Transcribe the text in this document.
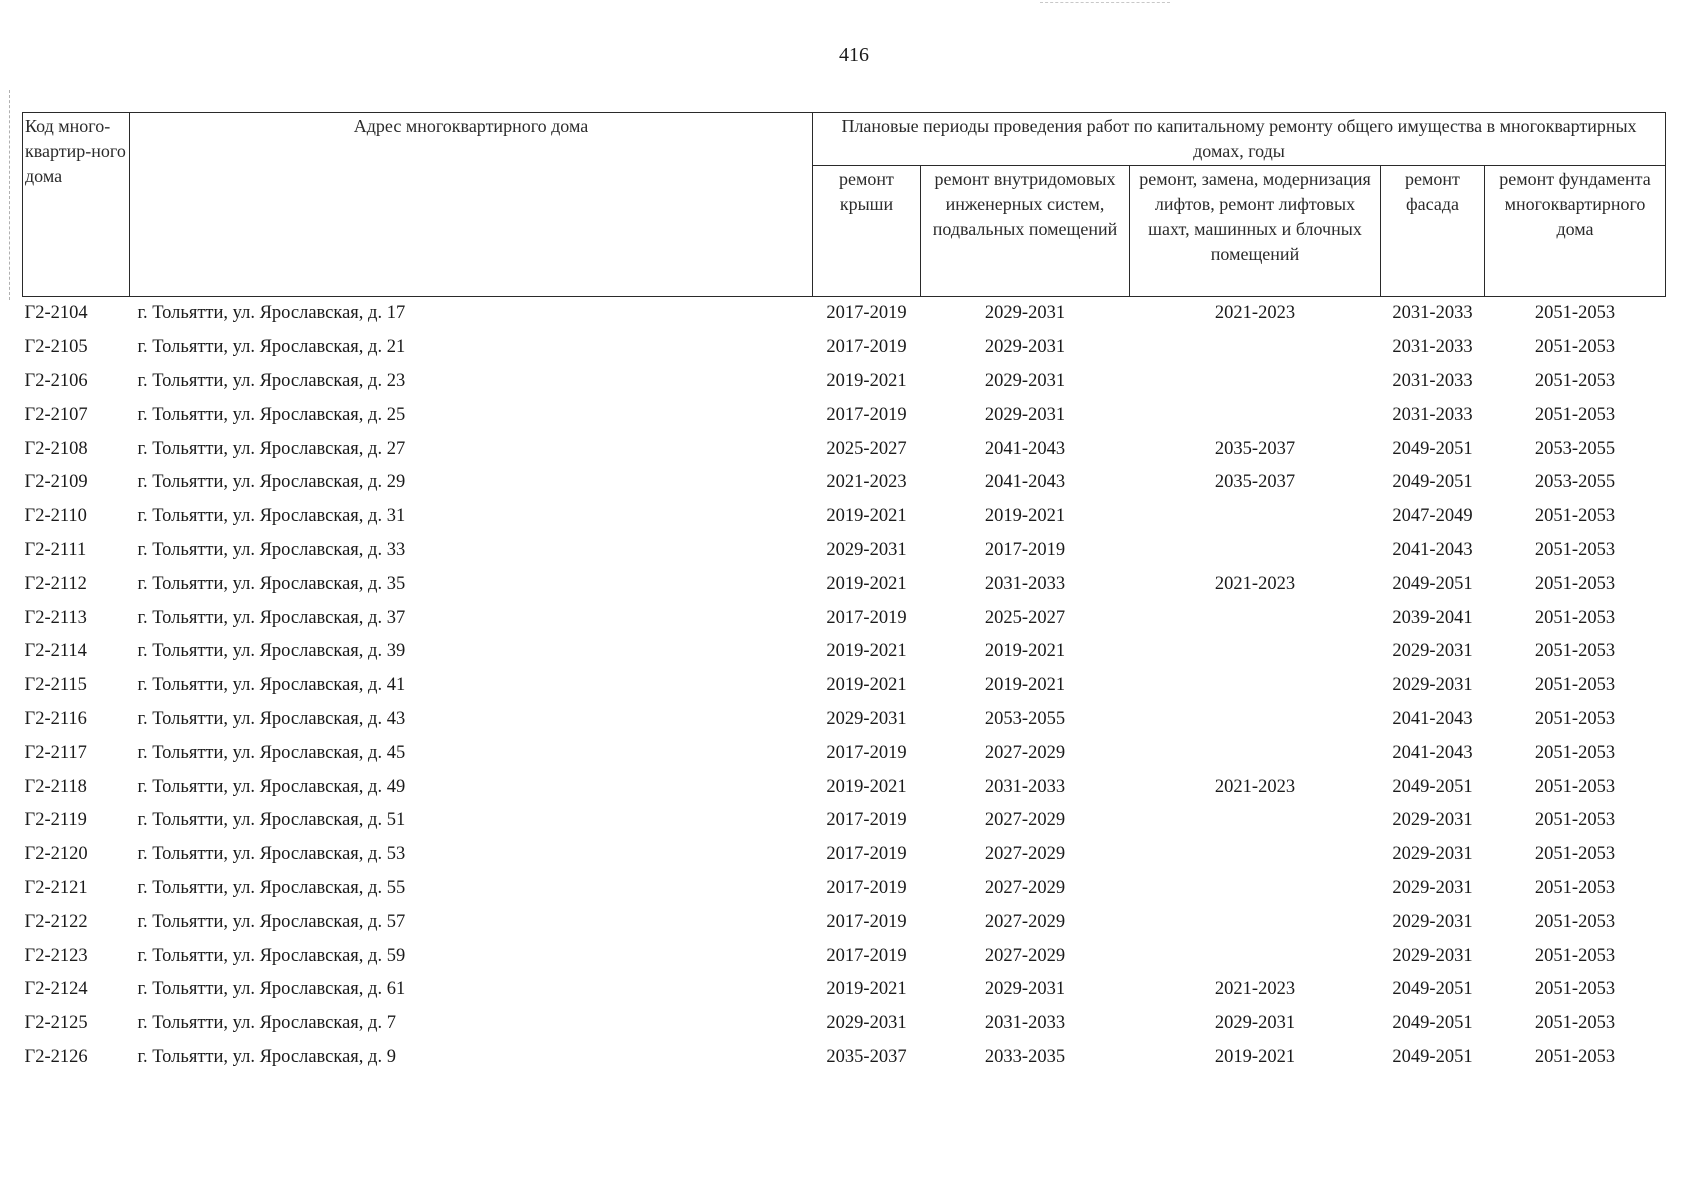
416
Код много-квартир-ного дома	Адрес многоквартирного дома	Плановые периоды проведения работ по капитальному ремонту общего имущества в многоквартирных домах, годы				
		ремонт крыши	ремонт внутридомовых инженерных систем, подвальных помещений	ремонт, замена, модернизация лифтов, ремонт лифтовых шахт, машинных и блочных помещений	ремонт фасада	ремонт фундамента многоквартирного дома
Г2-2104	г. Тольятти, ул. Ярославская, д. 17	2017-2019	2029-2031	2021-2023	2031-2033	2051-2053
Г2-2105	г. Тольятти, ул. Ярославская, д. 21	2017-2019	2029-2031		2031-2033	2051-2053
Г2-2106	г. Тольятти, ул. Ярославская, д. 23	2019-2021	2029-2031		2031-2033	2051-2053
Г2-2107	г. Тольятти, ул. Ярославская, д. 25	2017-2019	2029-2031		2031-2033	2051-2053
Г2-2108	г. Тольятти, ул. Ярославская, д. 27	2025-2027	2041-2043	2035-2037	2049-2051	2053-2055
Г2-2109	г. Тольятти, ул. Ярославская, д. 29	2021-2023	2041-2043	2035-2037	2049-2051	2053-2055
Г2-2110	г. Тольятти, ул. Ярославская, д. 31	2019-2021	2019-2021		2047-2049	2051-2053
Г2-2111	г. Тольятти, ул. Ярославская, д. 33	2029-2031	2017-2019		2041-2043	2051-2053
Г2-2112	г. Тольятти, ул. Ярославская, д. 35	2019-2021	2031-2033	2021-2023	2049-2051	2051-2053
Г2-2113	г. Тольятти, ул. Ярославская, д. 37	2017-2019	2025-2027		2039-2041	2051-2053
Г2-2114	г. Тольятти, ул. Ярославская, д. 39	2019-2021	2019-2021		2029-2031	2051-2053
Г2-2115	г. Тольятти, ул. Ярославская, д. 41	2019-2021	2019-2021		2029-2031	2051-2053
Г2-2116	г. Тольятти, ул. Ярославская, д. 43	2029-2031	2053-2055		2041-2043	2051-2053
Г2-2117	г. Тольятти, ул. Ярославская, д. 45	2017-2019	2027-2029		2041-2043	2051-2053
Г2-2118	г. Тольятти, ул. Ярославская, д. 49	2019-2021	2031-2033	2021-2023	2049-2051	2051-2053
Г2-2119	г. Тольятти, ул. Ярославская, д. 51	2017-2019	2027-2029		2029-2031	2051-2053
Г2-2120	г. Тольятти, ул. Ярославская, д. 53	2017-2019	2027-2029		2029-2031	2051-2053
Г2-2121	г. Тольятти, ул. Ярославская, д. 55	2017-2019	2027-2029		2029-2031	2051-2053
Г2-2122	г. Тольятти, ул. Ярославская, д. 57	2017-2019	2027-2029		2029-2031	2051-2053
Г2-2123	г. Тольятти, ул. Ярославская, д. 59	2017-2019	2027-2029		2029-2031	2051-2053
Г2-2124	г. Тольятти, ул. Ярославская, д. 61	2019-2021	2029-2031	2021-2023	2049-2051	2051-2053
Г2-2125	г. Тольятти, ул. Ярославская, д. 7	2029-2031	2031-2033	2029-2031	2049-2051	2051-2053
Г2-2126	г. Тольятти, ул. Ярославская, д. 9	2035-2037	2033-2035	2019-2021	2049-2051	2051-2053
